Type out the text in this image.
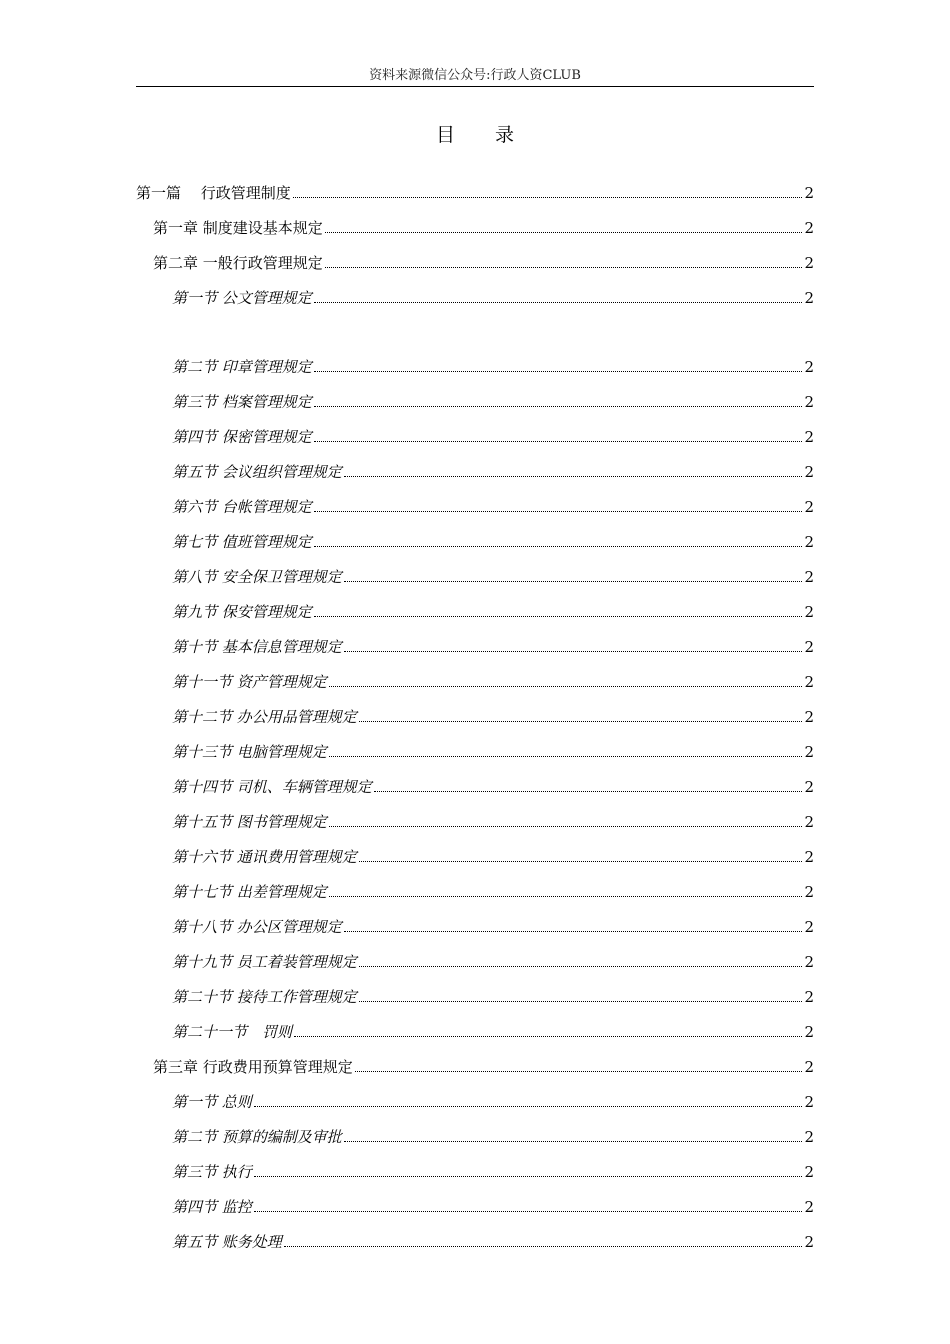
资料来源微信公众号:行政人资CLUB
目 录
第一篇　 行政管理制度	2
第一章 制度建设基本规定	2
第二章 一般行政管理规定	2
第一节 公文管理规定	2
第二节 印章管理规定	2
第三节 档案管理规定	2
第四节 保密管理规定	2
第五节 会议组织管理规定	2
第六节 台帐管理规定	2
第七节 值班管理规定	2
第八节 安全保卫管理规定	2
第九节 保安管理规定	2
第十节 基本信息管理规定	2
第十一节 资产管理规定	2
第十二节 办公用品管理规定	2
第十三节 电脑管理规定	2
第十四节 司机、车辆管理规定	2
第十五节 图书管理规定	2
第十六节 通讯费用管理规定	2
第十七节 出差管理规定	2
第十八节 办公区管理规定	2
第十九节 员工着装管理规定	2
第二十节 接待工作管理规定	2
第二十一节　罚则	2
第三章 行政费用预算管理规定	2
第一节 总则	2
第二节 预算的编制及审批	2
第三节 执行	2
第四节 监控	2
第五节 账务处理	2
